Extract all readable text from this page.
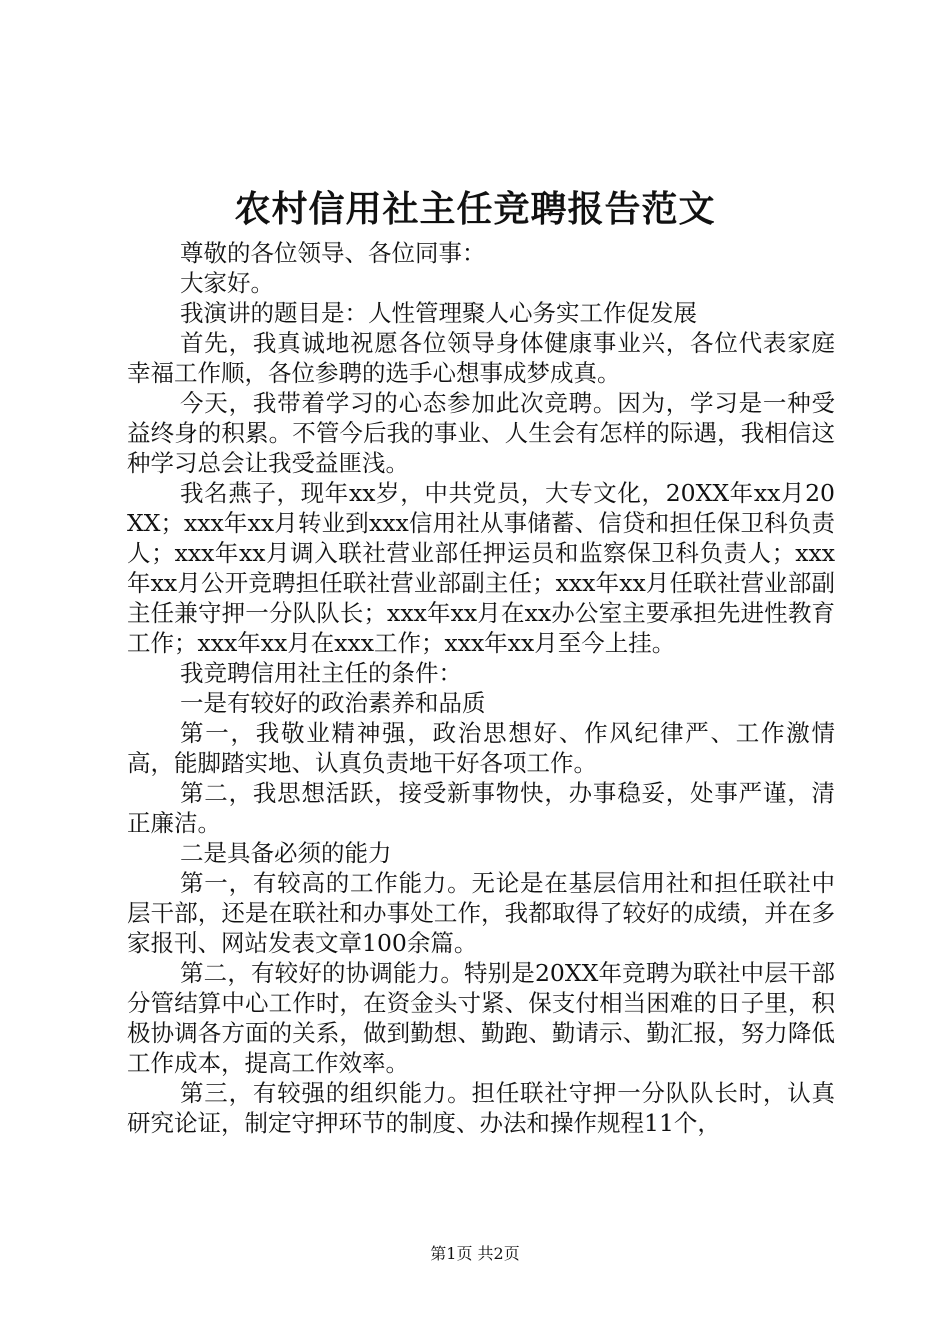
农村信用社主任竞聘报告范文

尊敬的各位领导、各位同事：

大家好。

我演讲的题目是：人性管理聚人心务实工作促发展

首先，我真诚地祝愿各位领导身体健康事业兴，各位代表家庭幸福工作顺，各位参聘的选手心想事成梦成真。

今天，我带着学习的心态参加此次竞聘。因为，学习是一种受益终身的积累。不管今后我的事业、人生会有怎样的际遇，我相信这种学习总会让我受益匪浅。

我名燕子，现年xx岁，中共党员，大专文化，20XX年xx月20XX；xxx年xx月转业到xxx信用社从事储蓄、信贷和担任保卫科负责人；xxx年xx月调入联社营业部任押运员和监察保卫科负责人；xxx年xx月公开竞聘担任联社营业部副主任；xxx年xx月任联社营业部副主任兼守押一分队队长；xxx年xx月在xx办公室主要承担先进性教育工作；xxx年xx月在xxx工作；xxx年xx月至今上挂。

我竞聘信用社主任的条件：

一是有较好的政治素养和品质

第一，我敬业精神强，政治思想好、作风纪律严、工作激情高，能脚踏实地、认真负责地干好各项工作。

第二，我思想活跃，接受新事物快，办事稳妥，处事严谨，清正廉洁。

二是具备必须的能力

第一，有较高的工作能力。无论是在基层信用社和担任联社中层干部，还是在联社和办事处工作，我都取得了较好的成绩，并在多家报刊、网站发表文章100余篇。

第二，有较好的协调能力。特别是20XX年竞聘为联社中层干部分管结算中心工作时，在资金头寸紧、保支付相当困难的日子里，积极协调各方面的关系，做到勤想、勤跑、勤请示、勤汇报，努力降低工作成本，提高工作效率。

第三，有较强的组织能力。担任联社守押一分队队长时，认真研究论证，制定守押环节的制度、办法和操作规程11个，

第1页 共2页
